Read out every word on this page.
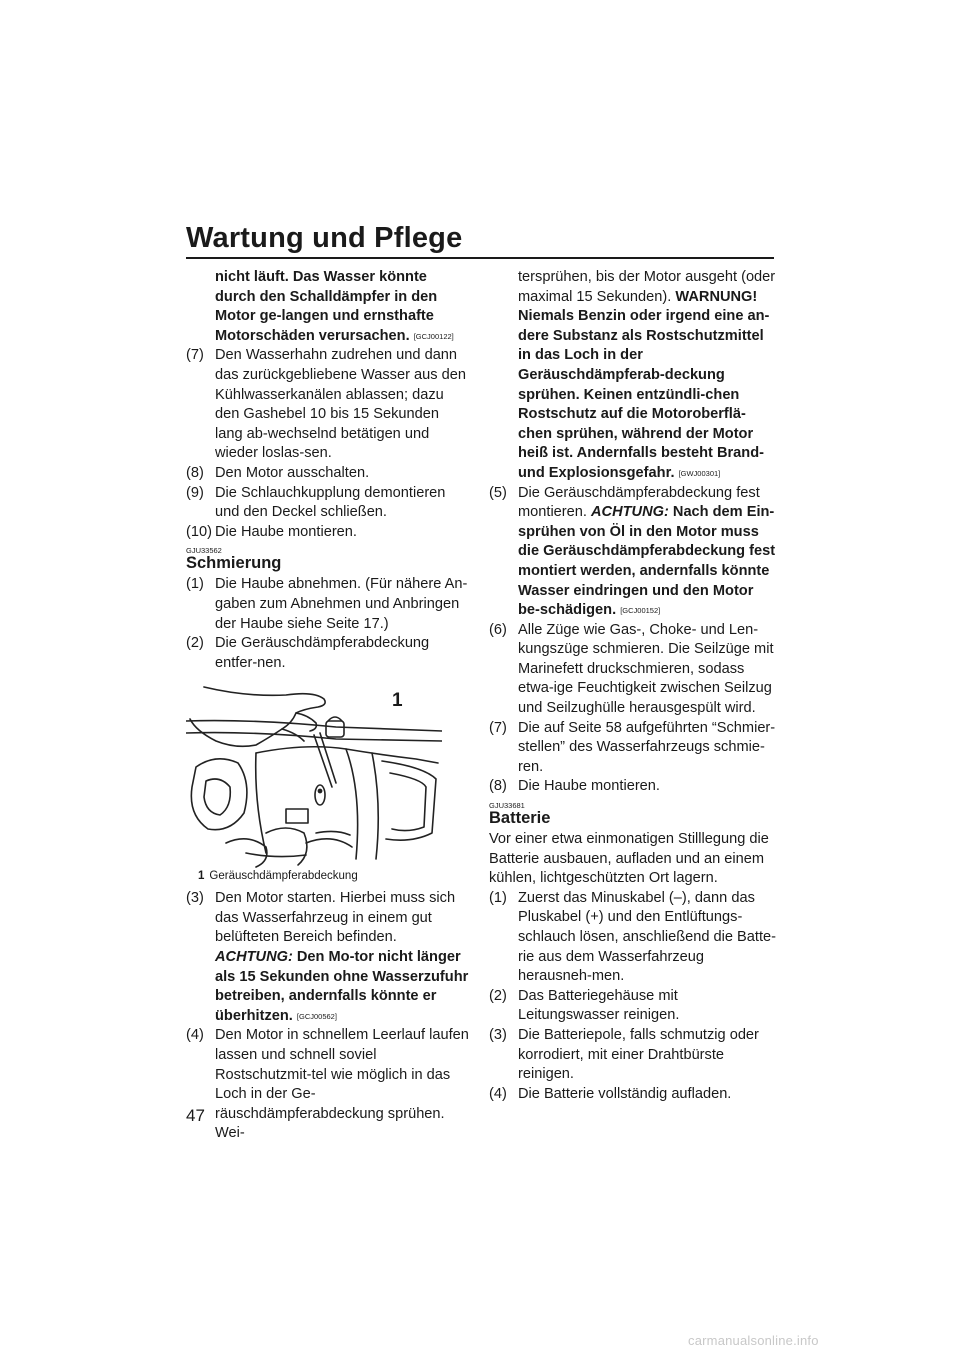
Wartung und Pflege

nicht läuft. Das Wasser könnte durch den Schalldämpfer in den Motor ge-langen und ernsthafte Motorschäden verursachen. [GCJ00122]

(7) Den Wasserhahn zudrehen und dann das zurückgebliebene Wasser aus den Kühlwasserkanälen ablassen; dazu den Gashebel 10 bis 15 Sekunden lang ab-wechselnd betätigen und wieder loslas-sen.

(8) Den Motor ausschalten.

(9) Die Schlauchkupplung demontieren und den Deckel schließen.

(10) Die Haube montieren.

GJU33562
Schmierung

(1) Die Haube abnehmen. (Für nähere An-gaben zum Abnehmen und Anbringen der Haube siehe Seite 17.)

(2) Die Geräuschdämpferabdeckung entfer-nen.

1
1 Geräuschdämpferabdeckung

(3) Den Motor starten. Hierbei muss sich das Wasserfahrzeug in einem gut belüfteten Bereich befinden. ACHTUNG: Den Mo-tor nicht länger als 15 Sekunden ohne Wasserzufuhr betreiben, andernfalls könnte er überhitzen. [GCJ00562]

(4) Den Motor in schnellem Leerlauf laufen lassen und schnell soviel Rostschutzmit-tel wie möglich in das Loch in der Ge-räuschdämpferabdeckung sprühen. Wei-

tersprühen, bis der Motor ausgeht (oder maximal 15 Sekunden). WARNUNG! Niemals Benzin oder irgend eine an-dere Substanz als Rostschutzmittel in das Loch in der Geräuschdämpferab-deckung sprühen. Keinen entzündli-chen Rostschutz auf die Motoroberflä-chen sprühen, während der Motor heiß ist. Andernfalls besteht Brand- und Explosionsgefahr. [GWJ00301]

(5) Die Geräuschdämpferabdeckung fest montieren. ACHTUNG: Nach dem Ein-sprühen von Öl in den Motor muss die Geräuschdämpferabdeckung fest montiert werden, andernfalls könnte Wasser eindringen und den Motor be-schädigen. [GCJ00152]

(6) Alle Züge wie Gas-, Choke- und Len-kungszüge schmieren. Die Seilzüge mit Marinefett druckschmieren, sodass etwa-ige Feuchtigkeit zwischen Seilzug und Seilzughülle herausgespült wird.

(7) Die auf Seite 58 aufgeführten “Schmier-stellen” des Wasserfahrzeugs schmie-ren.

(8) Die Haube montieren.

GJU33681
Batterie

Vor einer etwa einmonatigen Stilllegung die Batterie ausbauen, aufladen und an einem kühlen, lichtgeschützten Ort lagern.

(1) Zuerst das Minuskabel (–), dann das Pluskabel (+) und den Entlüftungs-schlauch lösen, anschließend die Batte-rie aus dem Wasserfahrzeug herausneh-men.

(2) Das Batteriegehäuse mit Leitungswasser reinigen.

(3) Die Batteriepole, falls schmutzig oder korrodiert, mit einer Drahtbürste reinigen.

(4) Die Batterie vollständig aufladen.

47
carmanualsonline.info
